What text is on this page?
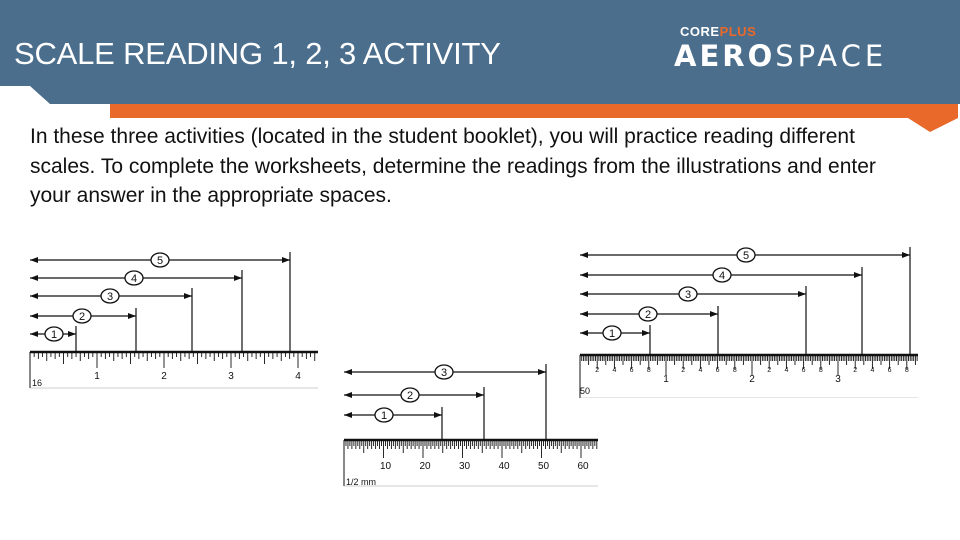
SCALE READING 1, 2, 3 ACTIVITY
COREPLUS
AEROSPACE
In these three activities (located in the student booklet), you will practice reading different scales. To complete the worksheets, determine the readings from the illustrations and enter your answer in the appropriate spaces.
1	2	3	4
16
1
2
3
4
5
10	20	30	40	50	60
1/2 mm
1
2
3
1	2	3
2 4 6 8	2 4 6 8	2 4 6 8	2 4 6 8
50
1
2
3
4
5
